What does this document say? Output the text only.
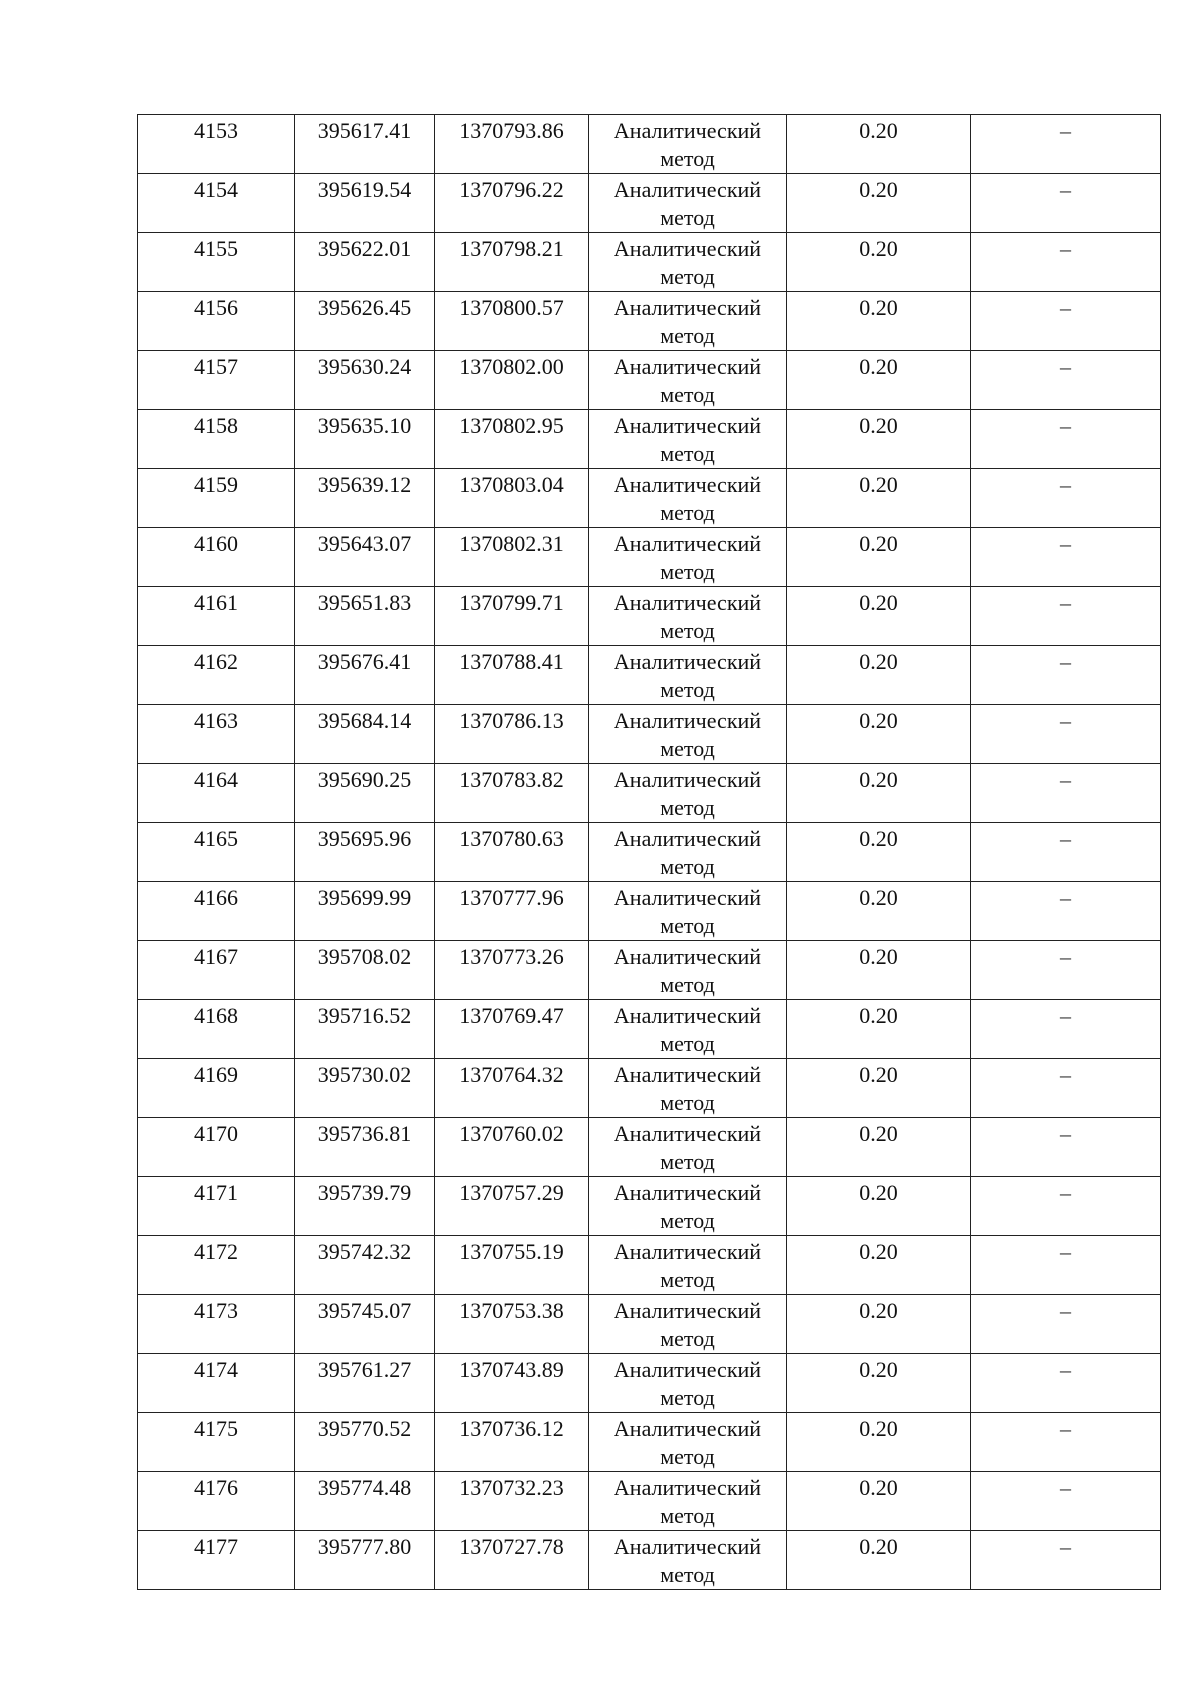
4153	395617.41	1370793.86	Аналитический метод	0.20	–
4154	395619.54	1370796.22	Аналитический метод	0.20	–
4155	395622.01	1370798.21	Аналитический метод	0.20	–
4156	395626.45	1370800.57	Аналитический метод	0.20	–
4157	395630.24	1370802.00	Аналитический метод	0.20	–
4158	395635.10	1370802.95	Аналитический метод	0.20	–
4159	395639.12	1370803.04	Аналитический метод	0.20	–
4160	395643.07	1370802.31	Аналитический метод	0.20	–
4161	395651.83	1370799.71	Аналитический метод	0.20	–
4162	395676.41	1370788.41	Аналитический метод	0.20	–
4163	395684.14	1370786.13	Аналитический метод	0.20	–
4164	395690.25	1370783.82	Аналитический метод	0.20	–
4165	395695.96	1370780.63	Аналитический метод	0.20	–
4166	395699.99	1370777.96	Аналитический метод	0.20	–
4167	395708.02	1370773.26	Аналитический метод	0.20	–
4168	395716.52	1370769.47	Аналитический метод	0.20	–
4169	395730.02	1370764.32	Аналитический метод	0.20	–
4170	395736.81	1370760.02	Аналитический метод	0.20	–
4171	395739.79	1370757.29	Аналитический метод	0.20	–
4172	395742.32	1370755.19	Аналитический метод	0.20	–
4173	395745.07	1370753.38	Аналитический метод	0.20	–
4174	395761.27	1370743.89	Аналитический метод	0.20	–
4175	395770.52	1370736.12	Аналитический метод	0.20	–
4176	395774.48	1370732.23	Аналитический метод	0.20	–
4177	395777.80	1370727.78	Аналитический метод	0.20	–
